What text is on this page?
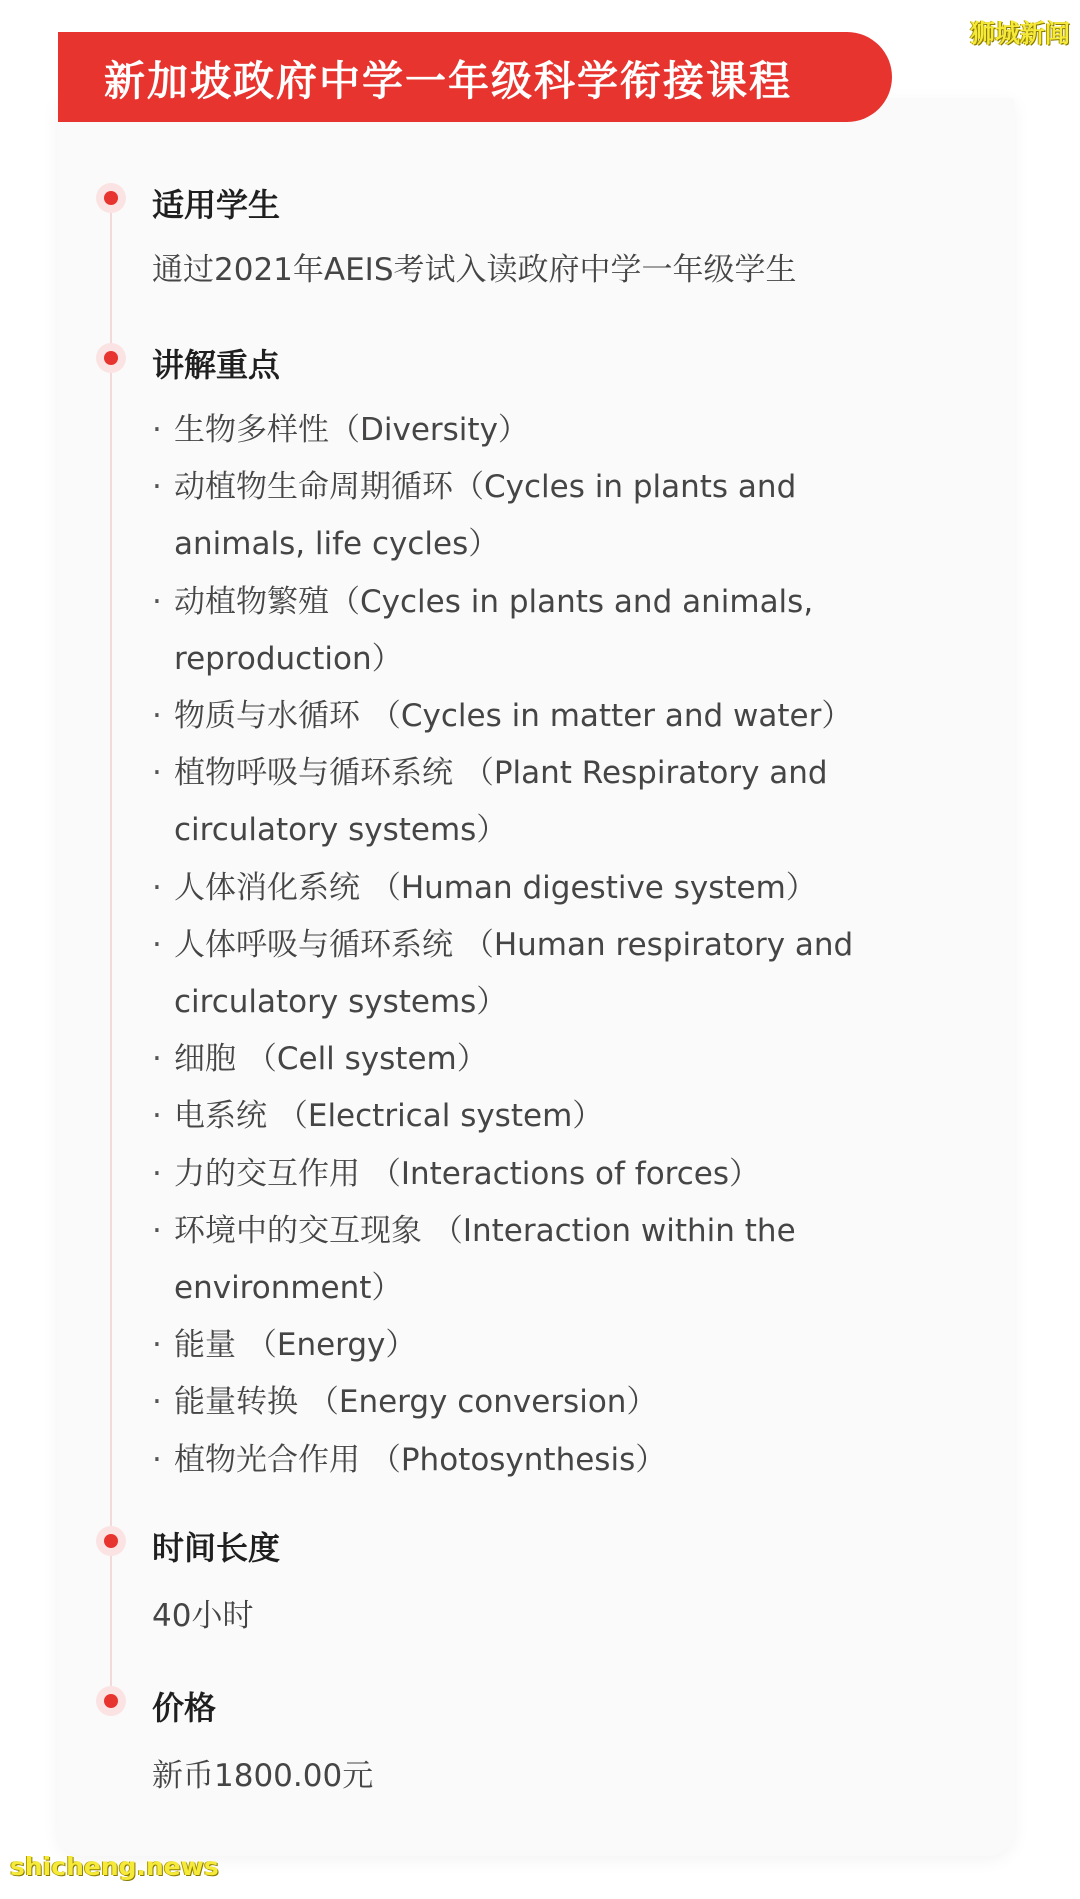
新加坡政府中学一年级科学衔接课程
狮城新闻
适用学生
通过2021年AEIS考试入读政府中学一年级学生
讲解重点
· 生物多样性（Diversity）
· 动植物生命周期循环（Cycles in plants and
animals, life cycles）
· 动植物繁殖（Cycles in plants and animals,
reproduction）
· 物质与水循环 （Cycles in matter and water）
· 植物呼吸与循环系统 （Plant Respiratory and
circulatory systems）
· 人体消化系统 （Human digestive system）
· 人体呼吸与循环系统 （Human respiratory and
circulatory systems）
· 细胞 （Cell system）
· 电系统 （Electrical system）
· 力的交互作用 （Interactions of forces）
· 环境中的交互现象 （Interaction within the
environment）
· 能量 （Energy）
· 能量转换 （Energy conversion）
· 植物光合作用 （Photosynthesis）
时间长度
40小时
价格
新币1800.00元
shicheng.news
